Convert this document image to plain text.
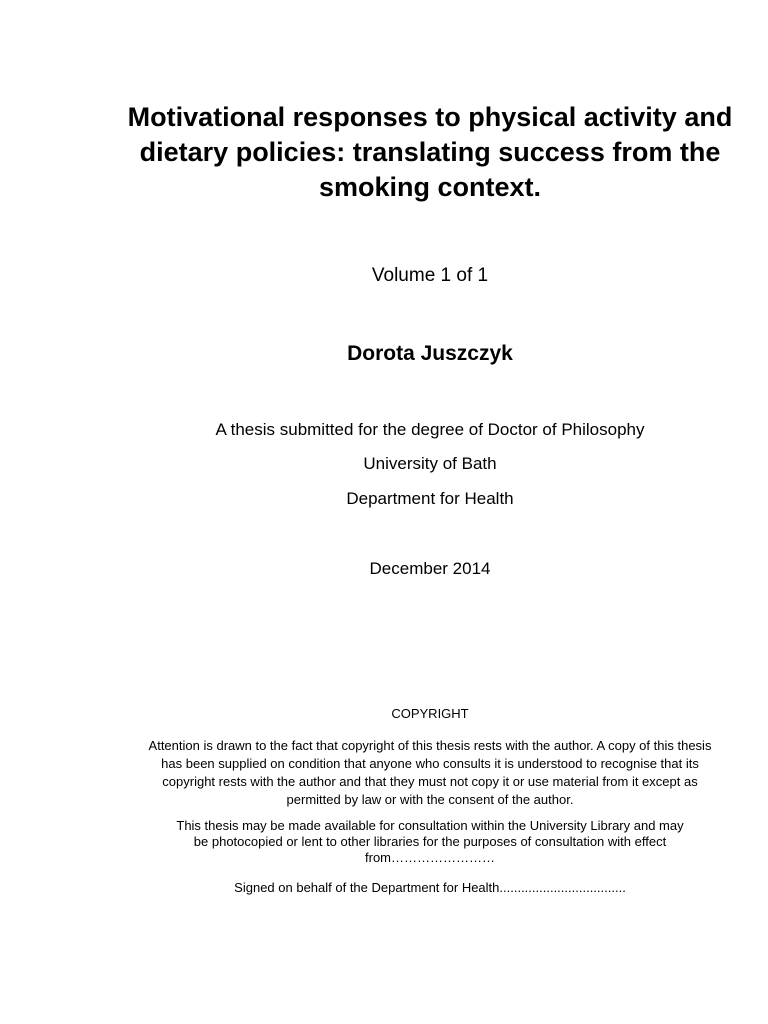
Motivational responses to physical activity and dietary policies: translating success from the smoking context.
Volume 1 of 1
Dorota Juszczyk
A thesis submitted for the degree of Doctor of Philosophy
University of Bath
Department for Health
December 2014
COPYRIGHT
Attention is drawn to the fact that copyright of this thesis rests with the author. A copy of this thesis has been supplied on condition that anyone who consults it is understood to recognise that its copyright rests with the author and that they must not copy it or use material from it except as permitted by law or with the consent of the author.
This thesis may be made available for consultation within the University Library and may
be photocopied or lent to other libraries for the purposes of consultation with effect
from……………………
Signed on behalf of the Department for Health...................................
